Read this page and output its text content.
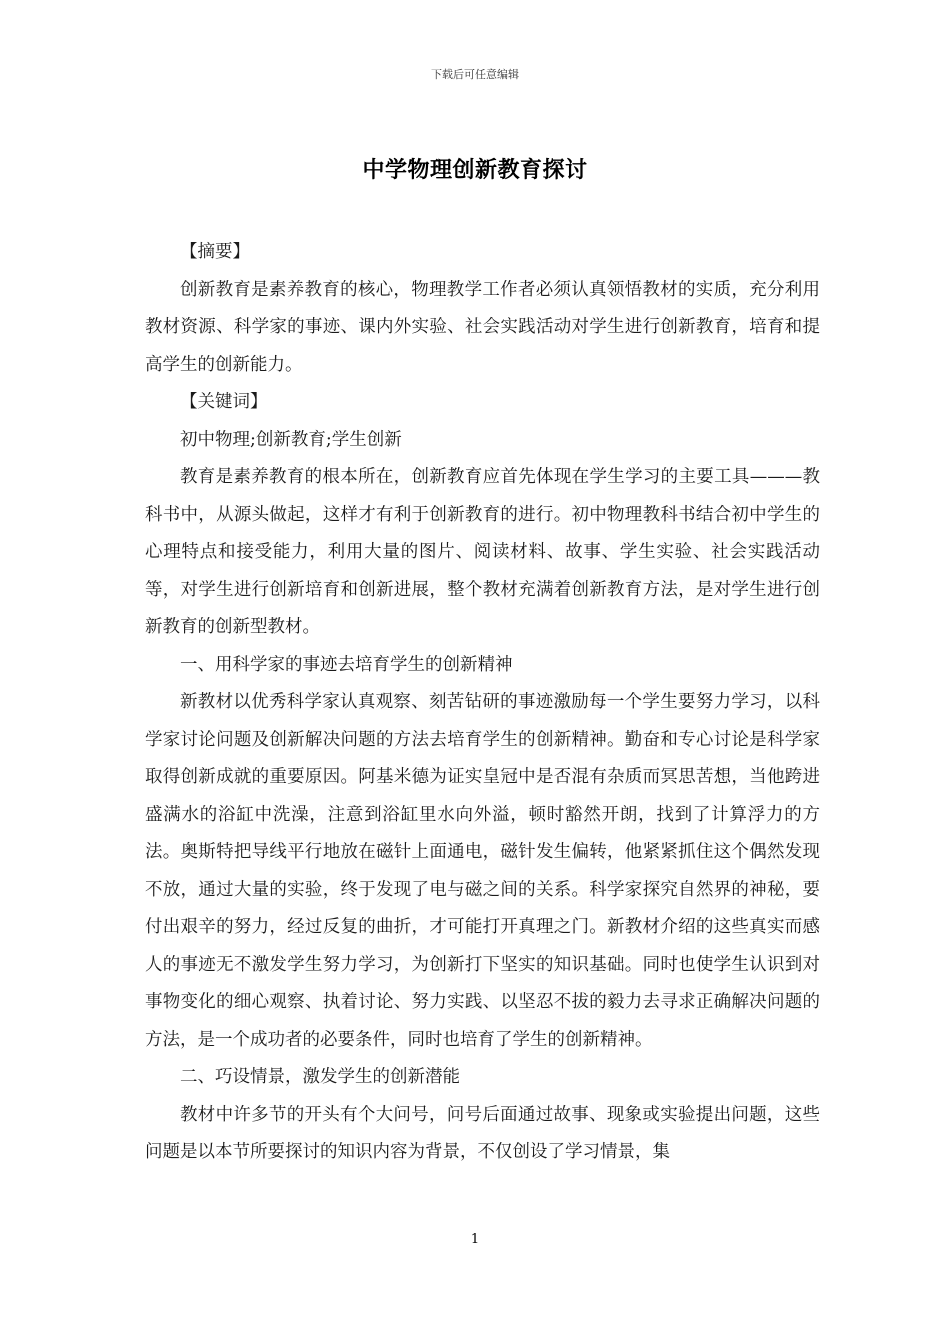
下载后可任意编辑
中学物理创新教育探讨

【摘要】

创新教育是素养教育的核心，物理教学工作者必须认真领悟教材的实质，充分利用教材资源、科学家的事迹、课内外实验、社会实践活动对学生进行创新教育，培育和提高学生的创新能力。

【关键词】

初中物理;创新教育;学生创新

教育是素养教育的根本所在，创新教育应首先体现在学生学习的主要工具———教科书中，从源头做起，这样才有利于创新教育的进行。初中物理教科书结合初中学生的心理特点和接受能力，利用大量的图片、阅读材料、故事、学生实验、社会实践活动等，对学生进行创新培育和创新进展，整个教材充满着创新教育方法，是对学生进行创新教育的创新型教材。

一、用科学家的事迹去培育学生的创新精神

新教材以优秀科学家认真观察、刻苦钻研的事迹激励每一个学生要努力学习，以科学家讨论问题及创新解决问题的方法去培育学生的创新精神。勤奋和专心讨论是科学家取得创新成就的重要原因。阿基米德为证实皇冠中是否混有杂质而冥思苦想，当他跨进盛满水的浴缸中洗澡，注意到浴缸里水向外溢，顿时豁然开朗，找到了计算浮力的方法。奥斯特把导线平行地放在磁针上面通电，磁针发生偏转，他紧紧抓住这个偶然发现不放，通过大量的实验，终于发现了电与磁之间的关系。科学家探究自然界的神秘，要付出艰辛的努力，经过反复的曲折，才可能打开真理之门。新教材介绍的这些真实而感人的事迹无不激发学生努力学习，为创新打下坚实的知识基础。同时也使学生认识到对事物变化的细心观察、执着讨论、努力实践、以坚忍不拔的毅力去寻求正确解决问题的方法，是一个成功者的必要条件，同时也培育了学生的创新精神。

二、巧设情景，激发学生的创新潜能

教材中许多节的开头有个大问号，问号后面通过故事、现象或实验提出问题，这些问题是以本节所要探讨的知识内容为背景，不仅创设了学习情景，集

1
